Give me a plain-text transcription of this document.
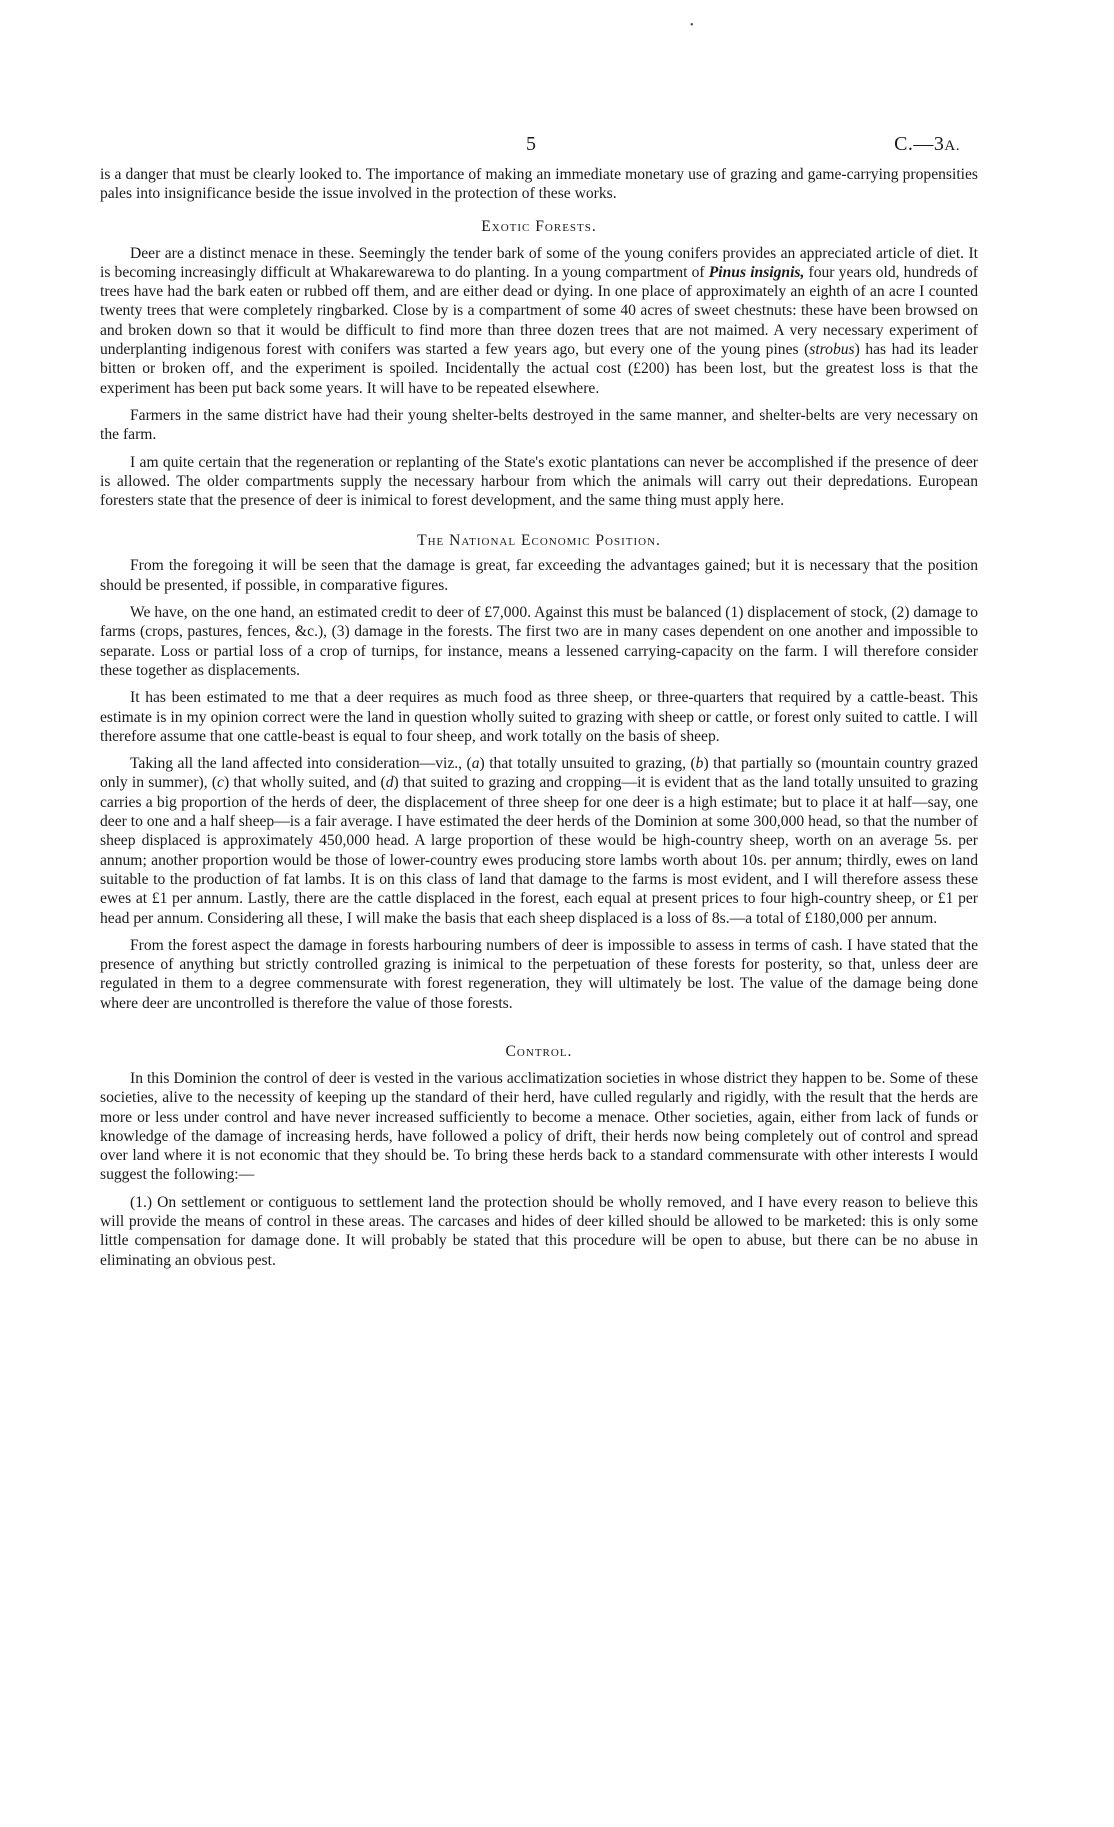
•
5	C.—3A.

is a danger that must be clearly looked to. The importance of making an immediate monetary use of grazing and game-carrying propensities pales into insignificance beside the issue involved in the protection of these works.

Exotic Forests.

Deer are a distinct menace in these. Seemingly the tender bark of some of the young conifers provides an appreciated article of diet. It is becoming increasingly difficult at Whakarewarewa to do planting. In a young compartment of Pinus insignis, four years old, hundreds of trees have had the bark eaten or rubbed off them, and are either dead or dying. In one place of approximately an eighth of an acre I counted twenty trees that were completely ringbarked. Close by is a compartment of some 40 acres of sweet chestnuts: these have been browsed on and broken down so that it would be difficult to find more than three dozen trees that are not maimed. A very necessary experiment of underplanting indigenous forest with conifers was started a few years ago, but every one of the young pines (strobus) has had its leader bitten or broken off, and the experiment is spoiled. Incidentally the actual cost (£200) has been lost, but the greatest loss is that the experiment has been put back some years. It will have to be repeated elsewhere.

Farmers in the same district have had their young shelter-belts destroyed in the same manner, and shelter-belts are very necessary on the farm.

I am quite certain that the regeneration or replanting of the State's exotic plantations can never be accomplished if the presence of deer is allowed. The older compartments supply the necessary harbour from which the animals will carry out their depredations. European foresters state that the presence of deer is inimical to forest development, and the same thing must apply here.

The National Economic Position.

From the foregoing it will be seen that the damage is great, far exceeding the advantages gained; but it is necessary that the position should be presented, if possible, in comparative figures.

We have, on the one hand, an estimated credit to deer of £7,000. Against this must be balanced (1) displacement of stock, (2) damage to farms (crops, pastures, fences, &c.), (3) damage in the forests. The first two are in many cases dependent on one another and impossible to separate. Loss or partial loss of a crop of turnips, for instance, means a lessened carrying-capacity on the farm. I will therefore consider these together as displacements.

It has been estimated to me that a deer requires as much food as three sheep, or three-quarters that required by a cattle-beast. This estimate is in my opinion correct were the land in question wholly suited to grazing with sheep or cattle, or forest only suited to cattle. I will therefore assume that one cattle-beast is equal to four sheep, and work totally on the basis of sheep.

Taking all the land affected into consideration—viz., (a) that totally unsuited to grazing, (b) that partially so (mountain country grazed only in summer), (c) that wholly suited, and (d) that suited to grazing and cropping—it is evident that as the land totally unsuited to grazing carries a big proportion of the herds of deer, the displacement of three sheep for one deer is a high estimate; but to place it at half—say, one deer to one and a half sheep—is a fair average. I have estimated the deer herds of the Dominion at some 300,000 head, so that the number of sheep displaced is approximately 450,000 head. A large proportion of these would be high-country sheep, worth on an average 5s. per annum; another proportion would be those of lower-country ewes producing store lambs worth about 10s. per annum; thirdly, ewes on land suitable to the production of fat lambs. It is on this class of land that damage to the farms is most evident, and I will therefore assess these ewes at £1 per annum. Lastly, there are the cattle displaced in the forest, each equal at present prices to four high-country sheep, or £1 per head per annum. Considering all these, I will make the basis that each sheep displaced is a loss of 8s.—a total of £180,000 per annum.

From the forest aspect the damage in forests harbouring numbers of deer is impossible to assess in terms of cash. I have stated that the presence of anything but strictly controlled grazing is inimical to the perpetuation of these forests for posterity, so that, unless deer are regulated in them to a degree commensurate with forest regeneration, they will ultimately be lost. The value of the damage being done where deer are uncontrolled is therefore the value of those forests.

Control.

In this Dominion the control of deer is vested in the various acclimatization societies in whose district they happen to be. Some of these societies, alive to the necessity of keeping up the standard of their herd, have culled regularly and rigidly, with the result that the herds are more or less under control and have never increased sufficiently to become a menace. Other societies, again, either from lack of funds or knowledge of the damage of increasing herds, have followed a policy of drift, their herds now being completely out of control and spread over land where it is not economic that they should be. To bring these herds back to a standard commensurate with other interests I would suggest the following:—

(1.) On settlement or contiguous to settlement land the protection should be wholly removed, and I have every reason to believe this will provide the means of control in these areas. The carcases and hides of deer killed should be allowed to be marketed: this is only some little compensation for damage done. It will probably be stated that this procedure will be open to abuse, but there can be no abuse in eliminating an obvious pest.
